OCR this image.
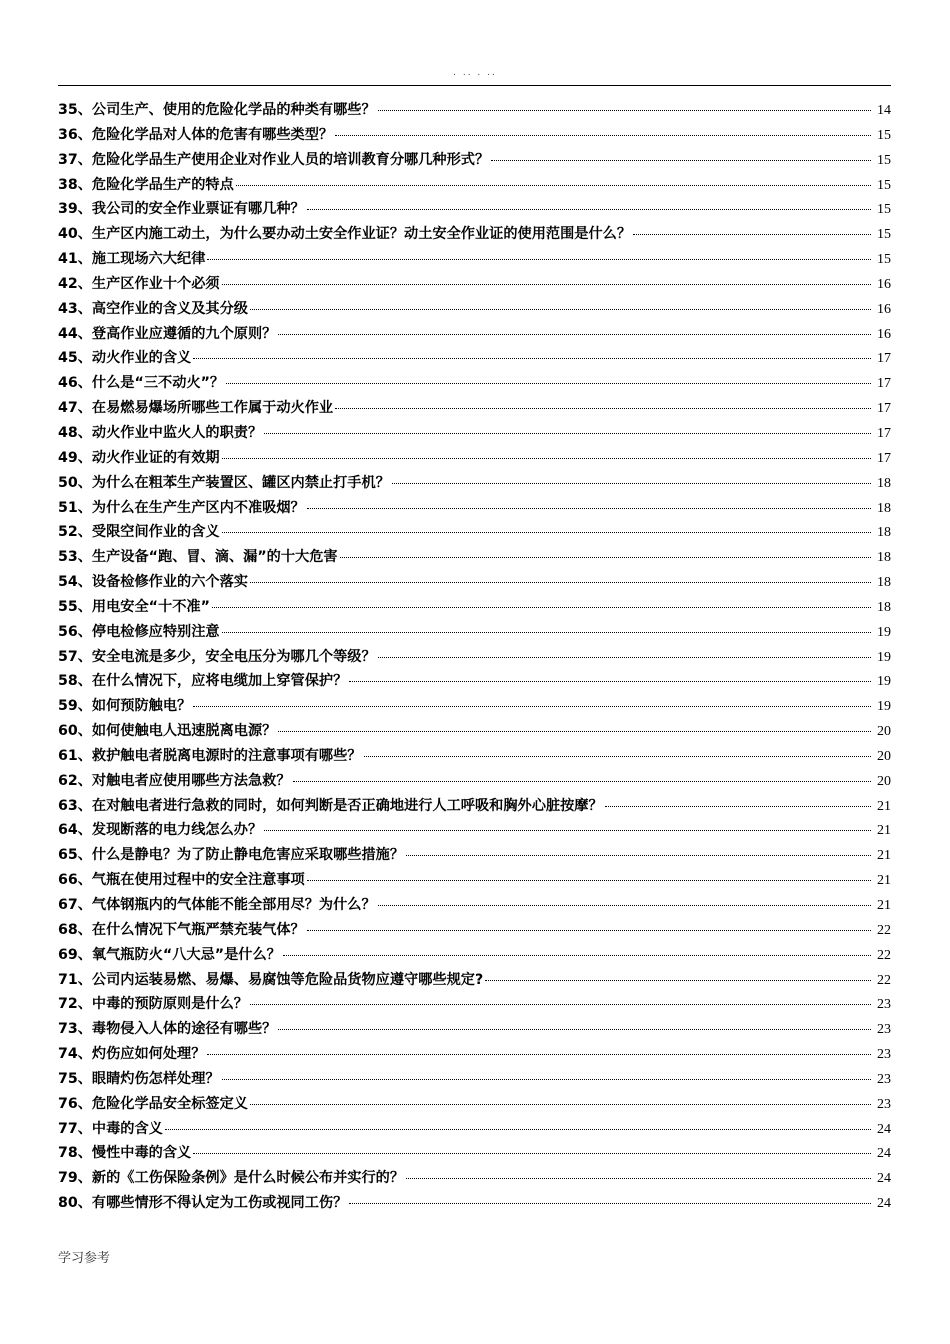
. .. . ..
35、公司生产、使用的危险化学品的种类有哪些？	14
36、危险化学品对人体的危害有哪些类型？	15
37、危险化学品生产使用企业对作业人员的培训教育分哪几种形式？	15
38、危险化学品生产的特点	15
39、我公司的安全作业票证有哪几种？	15
40、生产区内施工动土，为什么要办动土安全作业证？动土安全作业证的使用范围是什么？	15
41、施工现场六大纪律	15
42、生产区作业十个必须	16
43、高空作业的含义及其分级	16
44、登高作业应遵循的九个原则？	16
45、动火作业的含义	17
46、什么是“三不动火”？	17
47、在易燃易爆场所哪些工作属于动火作业	17
48、动火作业中监火人的职责？	17
49、动火作业证的有效期	17
50、为什么在粗苯生产装置区、罐区内禁止打手机？	18
51、为什么在生产生产区内不准吸烟？	18
52、受限空间作业的含义	18
53、生产设备“跑、冒、滴、漏”的十大危害	18
54、设备检修作业的六个落实	18
55、用电安全“十不准”	18
56、停电检修应特别注意	19
57、安全电流是多少，安全电压分为哪几个等级？	19
58、在什么情况下，应将电缆加上穿管保护？	19
59、如何预防触电？	19
60、如何使触电人迅速脱离电源？	20
61、救护触电者脱离电源时的注意事项有哪些？	20
62、对触电者应使用哪些方法急救？	20
63、在对触电者进行急救的同时，如何判断是否正确地进行人工呼吸和胸外心脏按摩？	21
64、发现断落的电力线怎么办？	21
65、什么是静电？为了防止静电危害应采取哪些措施？	21
66、气瓶在使用过程中的安全注意事项	21
67、气体钢瓶内的气体能不能全部用尽？为什么？	21
68、在什么情况下气瓶严禁充装气体？	22
69、氧气瓶防火“八大忌”是什么？	22
71、公司内运装易燃、易爆、易腐蚀等危险品货物应遵守哪些规定?	22
72、中毒的预防原则是什么？	23
73、毒物侵入人体的途径有哪些？	23
74、灼伤应如何处理？	23
75、眼睛灼伤怎样处理？	23
76、危险化学品安全标签定义	23
77、中毒的含义	24
78、慢性中毒的含义	24
79、新的《工伤保险条例》是什么时候公布并实行的？	24
80、有哪些情形不得认定为工伤或视同工伤？	24
学习参考
